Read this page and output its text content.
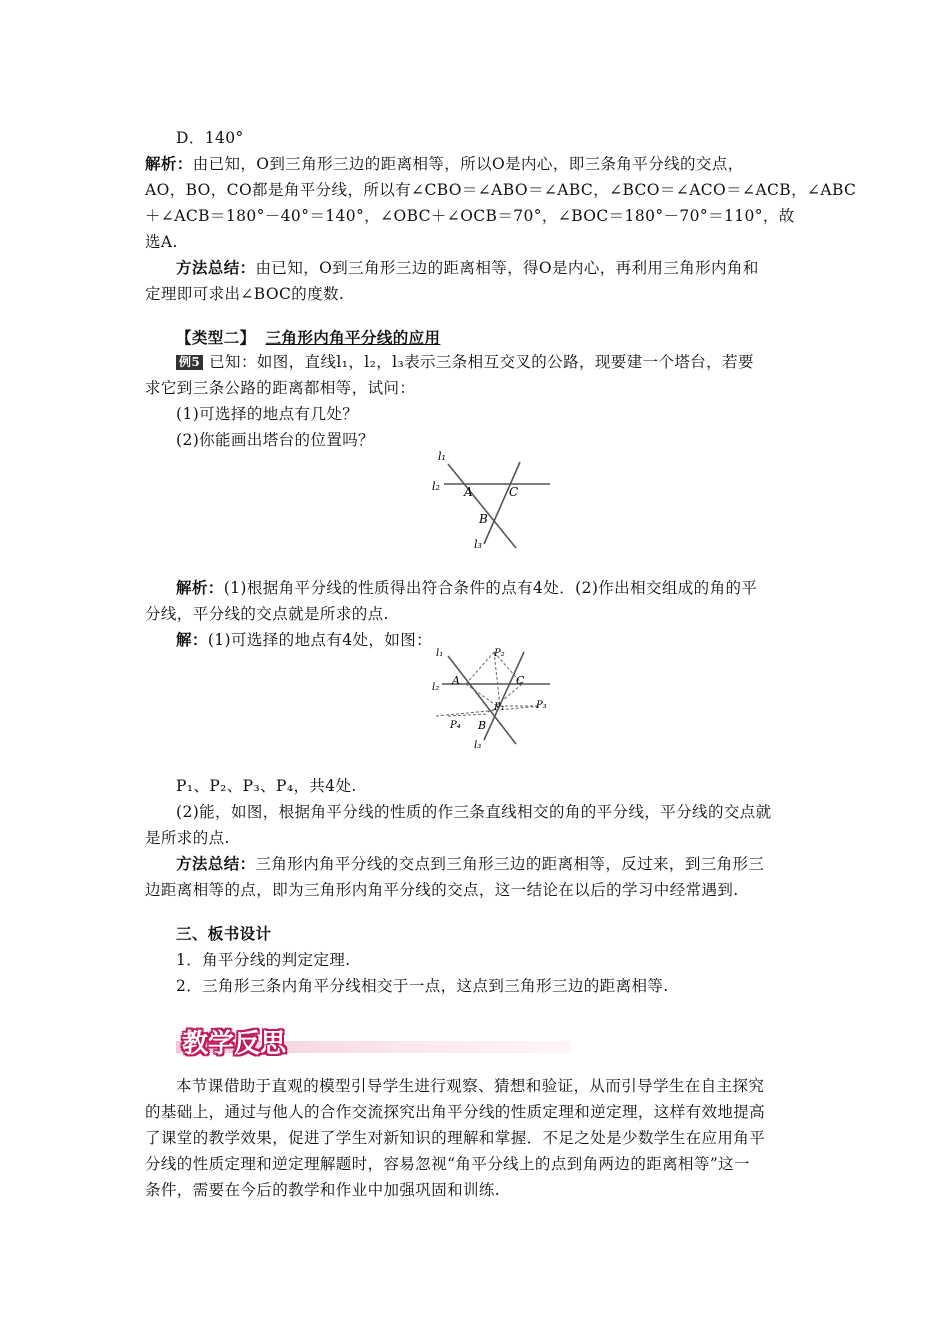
D．140°
解析：由已知，O到三角形三边的距离相等，所以O是内心，即三条角平分线的交点，
AO，BO，CO都是角平分线，所以有∠CBO＝∠ABO＝∠ABC，∠BCO＝∠ACO＝∠ACB，∠ABC
＋∠ACB＝180°－40°＝140°，∠OBC＋∠OCB＝70°，∠BOC＝180°－70°＝110°，故
选A.
方法总结：由已知，O到三角形三边的距离相等，得O是内心，再利用三角形内角和
定理即可求出∠BOC的度数.
【类型二】 三角形内角平分线的应用
例5 已知：如图，直线l₁，l₂，l₃表示三条相互交叉的公路，现要建一个塔台，若要
求它到三条公路的距离都相等，试问：
(1)可选择的地点有几处？
(2)你能画出塔台的位置吗？
l₁
l₂
l₃
A
B
C
解析：(1)根据角平分线的性质得出符合条件的点有4处．(2)作出相交组成的角的平
分线，平分线的交点就是所求的点.
解：(1)可选择的地点有4处，如图：
l₁
l₂
l₃
A
B
C
P₁
P₂
P₃
P₄
P₁、P₂、P₃、P₄，共4处.
(2)能，如图，根据角平分线的性质的作三条直线相交的角的平分线，平分线的交点就
是所求的点.
方法总结：三角形内角平分线的交点到三角形三边的距离相等，反过来，到三角形三
边距离相等的点，即为三角形内角平分线的交点，这一结论在以后的学习中经常遇到.
三、板书设计
1．角平分线的判定定理.
2．三角形三条内角平分线相交于一点，这点到三角形三边的距离相等.
教学反思
本节课借助于直观的模型引导学生进行观察、猜想和验证，从而引导学生在自主探究
的基础上，通过与他人的合作交流探究出角平分线的性质定理和逆定理，这样有效地提高
了课堂的教学效果，促进了学生对新知识的理解和掌握．不足之处是少数学生在应用角平
分线的性质定理和逆定理解题时，容易忽视“角平分线上的点到角两边的距离相等”这一
条件，需要在今后的教学和作业中加强巩固和训练.
